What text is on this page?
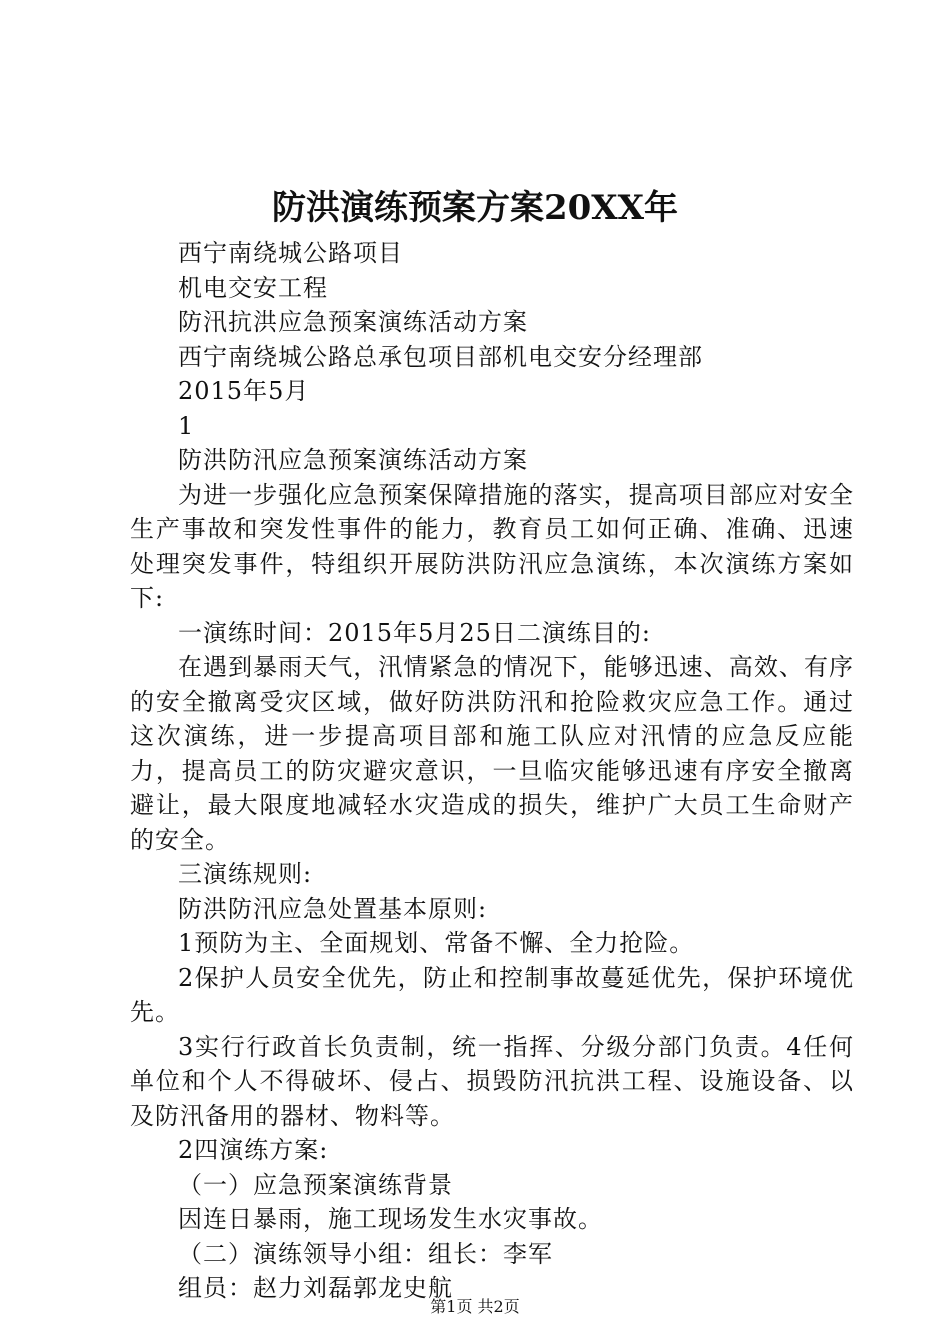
防洪演练预案方案20XX年

西宁南绕城公路项目

机电交安工程

防汛抗洪应急预案演练活动方案

西宁南绕城公路总承包项目部机电交安分经理部

2015年5月

1

防洪防汛应急预案演练活动方案

为进一步强化应急预案保障措施的落实，提高项目部应对安全生产事故和突发性事件的能力，教育员工如何正确、准确、迅速处理突发事件，特组织开展防洪防汛应急演练，本次演练方案如下:

一演练时间：2015年5月25日二演练目的:

在遇到暴雨天气，汛情紧急的情况下，能够迅速、高效、有序的安全撤离受灾区域，做好防洪防汛和抢险救灾应急工作。通过这次演练，进一步提高项目部和施工队应对汛情的应急反应能力，提高员工的防灾避灾意识，一旦临灾能够迅速有序安全撤离避让，最大限度地减轻水灾造成的损失，维护广大员工生命财产的安全。

三演练规则:

防洪防汛应急处置基本原则:

1预防为主、全面规划、常备不懈、全力抢险。

2保护人员安全优先，防止和控制事故蔓延优先，保护环境优先。

3实行行政首长负责制，统一指挥、分级分部门负责。4任何单位和个人不得破坏、侵占、损毁防汛抗洪工程、设施设备、以及防汛备用的器材、物料等。

2四演练方案:

（一）应急预案演练背景

因连日暴雨，施工现场发生水灾事故。

（二）演练领导小组：组长：李军

组员：赵力刘磊郭龙史航

第1页 共2页
